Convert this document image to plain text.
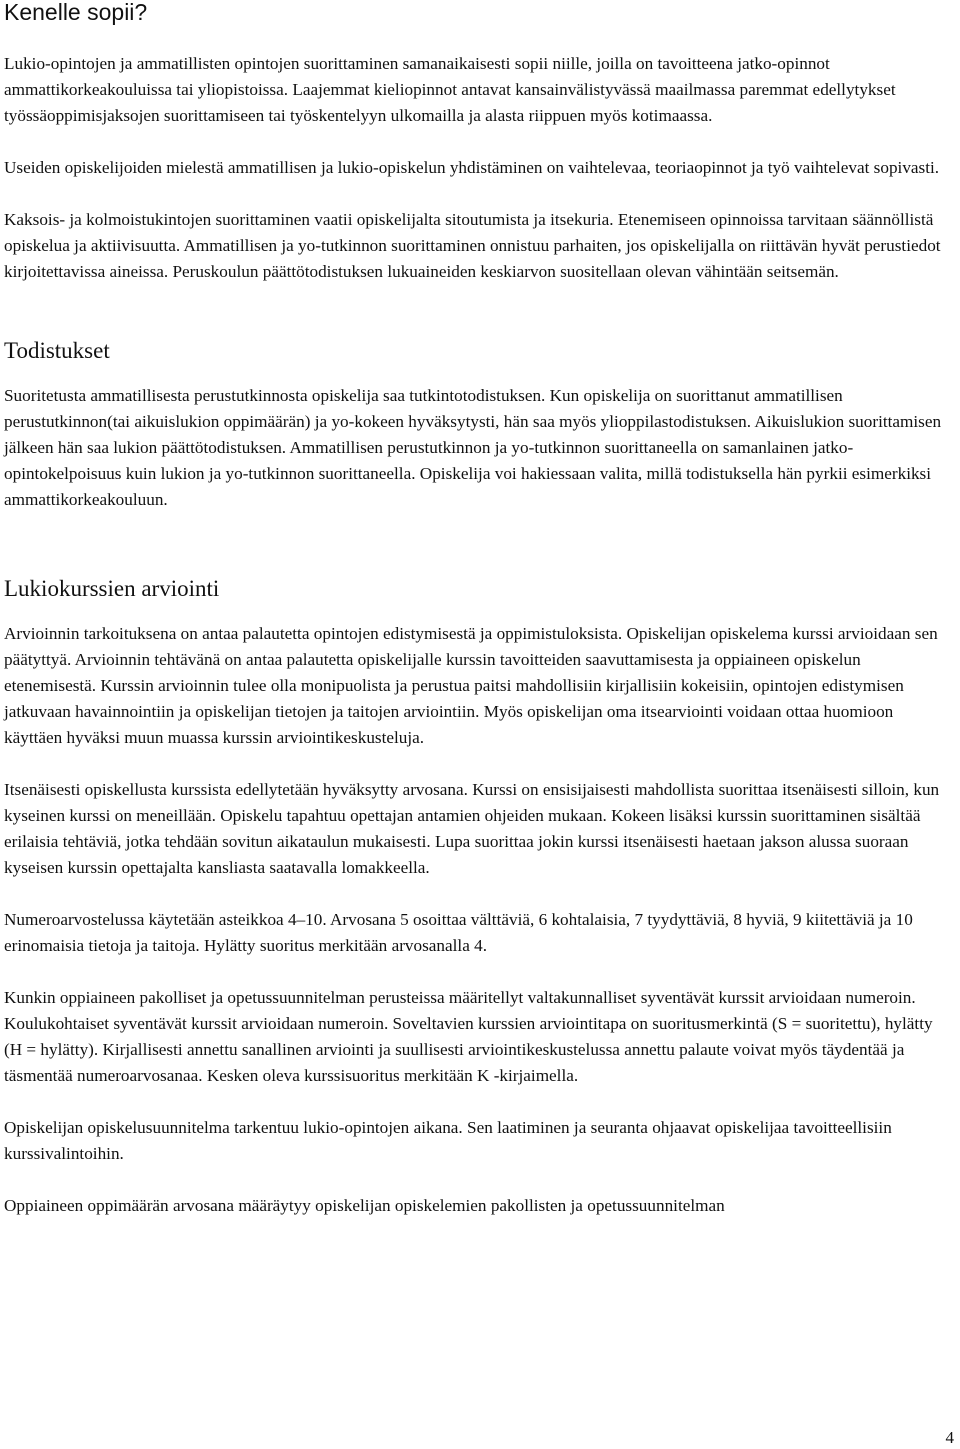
Kenelle sopii?

Lukio-opintojen ja ammatillisten opintojen suorittaminen samanaikaisesti sopii niille, joilla on tavoitteena jatko-opinnot ammattikorkeakouluissa tai yliopistoissa. Laajemmat kieliopinnot antavat kansainvälistyvässä maailmassa paremmat edellytykset työssäoppimisjaksojen suorittamiseen tai työskentelyyn ulkomailla ja alasta riippuen myös kotimaassa.

Useiden opiskelijoiden mielestä ammatillisen ja lukio-opiskelun yhdistäminen on vaihtelevaa, teoriaopinnot ja työ vaihtelevat sopivasti.

Kaksois- ja kolmoistukintojen suorittaminen vaatii opiskelijalta sitoutumista ja itsekuria. Etenemiseen opinnoissa tarvitaan säännöllistä opiskelua ja aktiivisuutta. Ammatillisen ja yo-tutkinnon suorittaminen onnistuu parhaiten, jos opiskelijalla on riittävän hyvät perustiedot kirjoitettavissa aineissa. Peruskoulun päättötodistuksen lukuaineiden keskiarvon suositellaan olevan vähintään seitsemän.

Todistukset

Suoritetusta ammatillisesta perustutkinnosta opiskelija saa tutkintotodistuksen. Kun opiskelija on suorittanut ammatillisen perustutkinnon(tai aikuislukion oppimäärän) ja yo-kokeen hyväksytysti, hän saa myös ylioppilastodistuksen. Aikuislukion suorittamisen jälkeen hän saa lukion päättötodistuksen. Ammatillisen perustutkinnon ja yo-tutkinnon suorittaneella on samanlainen jatko-opintokelpoisuus kuin lukion ja yo-tutkinnon suorittaneella. Opiskelija voi hakiessaan valita, millä todistuksella hän pyrkii esimerkiksi ammattikorkeakouluun.

Lukiokurssien arviointi

Arvioinnin tarkoituksena on antaa palautetta opintojen edistymisestä ja oppimistuloksista. Opiskelijan opiskelema kurssi arvioidaan sen päätyttyä. Arvioinnin tehtävänä on antaa palautetta opiskelijalle kurssin tavoitteiden saavuttamisesta ja oppiaineen opiskelun etenemisestä. Kurssin arvioinnin tulee olla monipuolista ja perustua paitsi mahdollisiin kirjallisiin kokeisiin, opintojen edistymisen jatkuvaan havainnointiin ja opiskelijan tietojen ja taitojen arviointiin. Myös opiskelijan oma itsearviointi voidaan ottaa huomioon käyttäen hyväksi muun muassa kurssin arviointikeskusteluja.

Itsenäisesti opiskellusta kurssista edellytetään hyväksytty arvosana. Kurssi on ensisijaisesti mahdollista suorittaa itsenäisesti silloin, kun kyseinen kurssi on meneillään. Opiskelu tapahtuu opettajan antamien ohjeiden mukaan. Kokeen lisäksi kurssin suorittaminen sisältää erilaisia tehtäviä, jotka tehdään sovitun aikataulun mukaisesti. Lupa suorittaa jokin kurssi itsenäisesti haetaan jakson alussa suoraan kyseisen kurssin opettajalta kansliasta saatavalla lomakkeella.

Numeroarvostelussa käytetään asteikkoa 4–10. Arvosana 5 osoittaa välttäviä, 6 kohtalaisia, 7 tyydyttäviä, 8 hyviä, 9 kiitettäviä ja 10 erinomaisia tietoja ja taitoja. Hylätty suoritus merkitään arvosanalla 4.

Kunkin oppiaineen pakolliset ja opetussuunnitelman perusteissa määritellyt valtakunnalliset syventävät kurssit arvioidaan numeroin. Koulukohtaiset syventävät kurssit arvioidaan numeroin. Soveltavien kurssien arviointitapa on suoritusmerkintä (S = suoritettu), hylätty (H = hylätty). Kirjallisesti annettu sanallinen arviointi ja suullisesti arviointikeskustelussa annettu palaute voivat myös täydentää ja täsmentää numeroarvosanaa. Kesken oleva kurssisuoritus merkitään K -kirjaimella.

Opiskelijan opiskelusuunnitelma tarkentuu lukio-opintojen aikana. Sen laatiminen ja seuranta ohjaavat opiskelijaa tavoitteellisiin kurssivalintoihin.

Oppiaineen oppimäärän arvosana määräytyy opiskelijan opiskelemien pakollisten ja opetussuunnitelman

4
